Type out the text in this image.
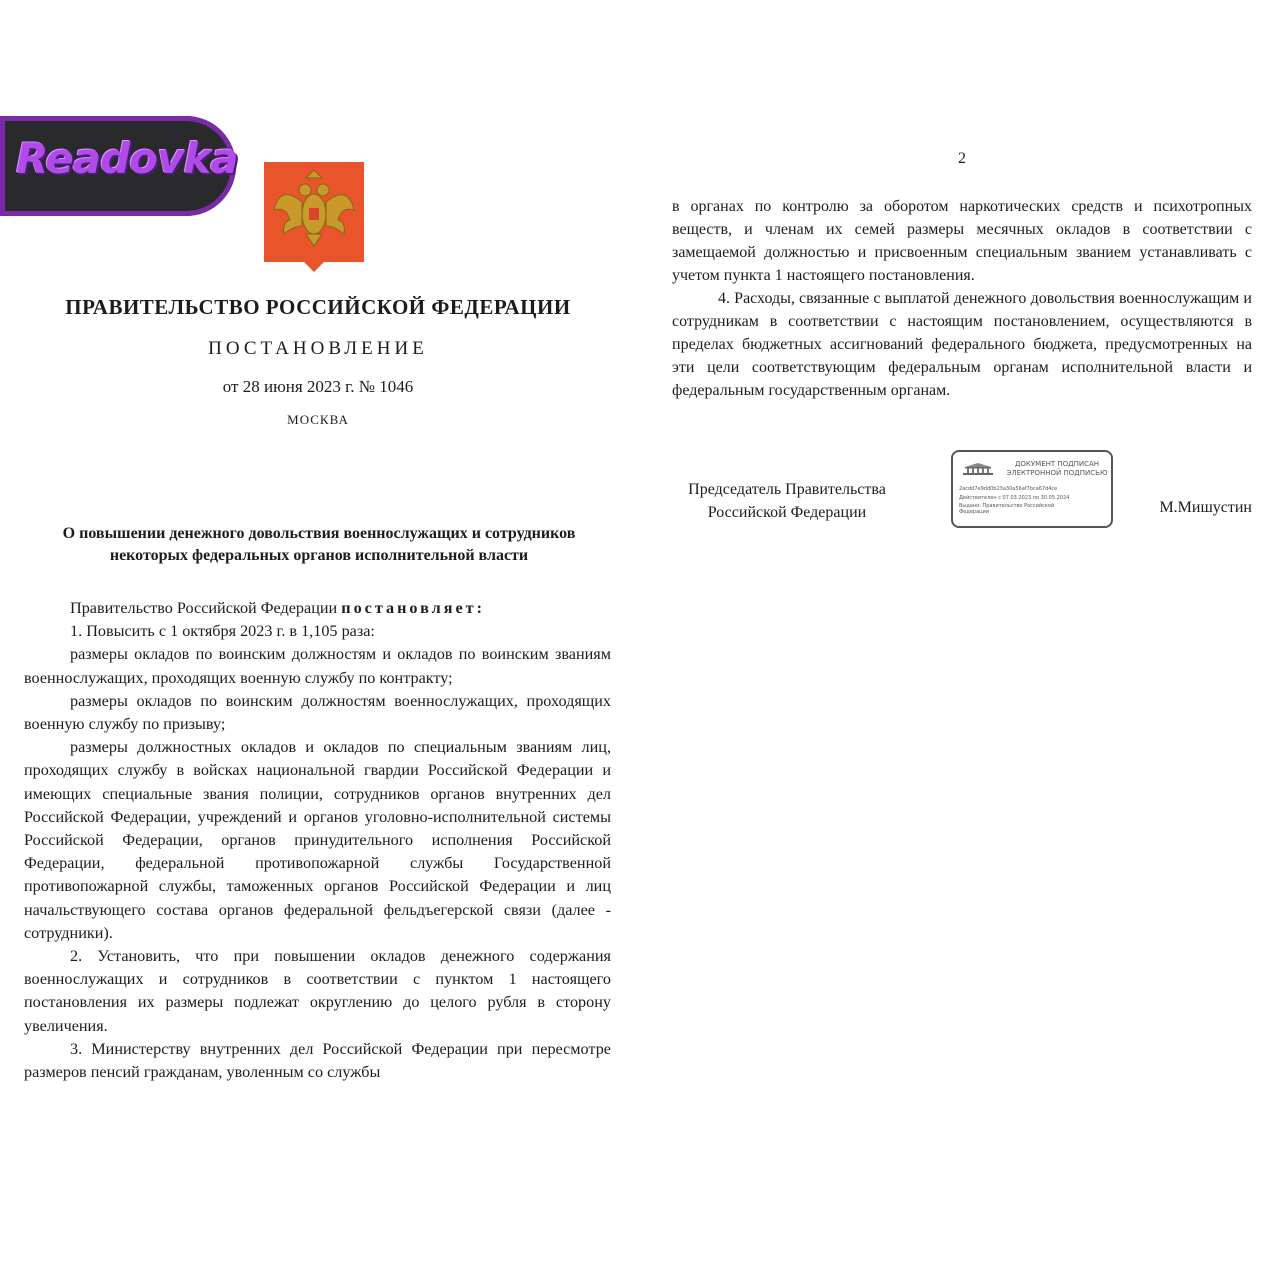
Readovka
ПРАВИТЕЛЬСТВО РОССИЙСКОЙ ФЕДЕРАЦИИ
ПОСТАНОВЛЕНИЕ
от 28 июня 2023 г. № 1046
МОСКВА
О повышении денежного довольствия военнослужащих и сотрудников
некоторых федеральных органов исполнительной власти

Правительство Российской Федерации постановляет:

1. Повысить с 1 октября 2023 г. в 1,105 раза:

размеры окладов по воинским должностям и окладов по воинским званиям военнослужащих, проходящих военную службу по контракту;

размеры окладов по воинским должностям военнослужащих, проходящих военную службу по призыву;

размеры должностных окладов и окладов по специальным званиям лиц, проходящих службу в войсках национальной гвардии Российской Федерации и имеющих специальные звания полиции, сотрудников органов внутренних дел Российской Федерации, учреждений и органов уголовно-исполнительной системы Российской Федерации, органов принудительного исполнения Российской Федерации, федеральной противопожарной службы Государственной противопожарной службы, таможенных органов Российской Федерации и лиц начальствующего состава органов федеральной фельдъегерской связи (далее - сотрудники).

2. Установить, что при повышении окладов денежного содержания военнослужащих и сотрудников в соответствии с пунктом 1 настоящего постановления их размеры подлежат округлению до целого рубля в сторону увеличения.

3. Министерству внутренних дел Российской Федерации при пересмотре размеров пенсий гражданам, уволенным со службы

2

в органах по контролю за оборотом наркотических средств и психотропных веществ, и членам их семей размеры месячных окладов в соответствии с замещаемой должностью и присвоенным специальным званием устанавливать с учетом пункта 1 настоящего постановления.

4. Расходы, связанные с выплатой денежного довольствия военнослужащим и сотрудникам в соответствии с настоящим постановлением, осуществляются в пределах бюджетных ассигнований федерального бюджета, предусмотренных на эти цели соответствующим федеральным органам исполнительной власти и федеральным государственным органам.

Председатель Правительства
Российской Федерации
ДОКУМЕНТ ПОДПИСАН
ЭЛЕКТРОННОЙ ПОДПИСЬЮ
2acdd7e9dd0b23a30a56af7bca67d4ce
Действителен с 07.03.2023 по 30.05.2024
Выдано: Правительство Российской
Федерации	М.Мишустин
